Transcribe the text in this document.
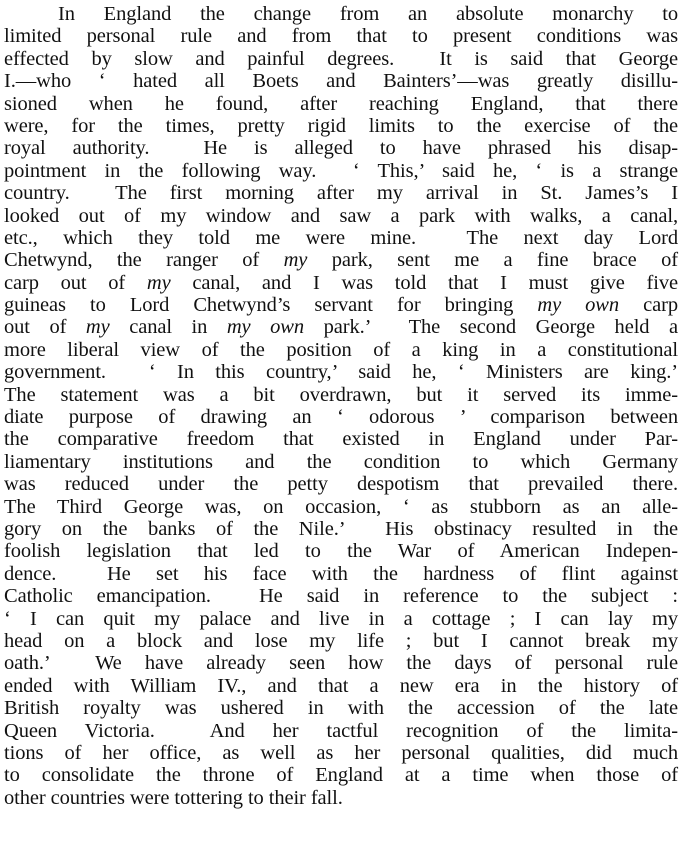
In England the change from an absolute monarchy to
limited personal rule and from that to present conditions was
effected by slow and painful degrees.  It is said that George
I.—who ‘ hated all Boets and Bainters’—was greatly disillu-
sioned when he found, after reaching England, that there
were, for the times, pretty rigid limits to the exercise of the
royal authority.  He is alleged to have phrased his disap-
pointment in the following way.  ‘ This,’ said he, ‘ is a strange
country.  The first morning after my arrival in St. James’s I
looked out of my window and saw a park with walks, a canal,
etc., which they told me were mine.  The next day Lord
Chetwynd, the ranger of my park, sent me a fine brace of
carp out of my canal, and I was told that I must give five
guineas to Lord Chetwynd’s servant for bringing my own carp
out of my canal in my own park.’  The second George held a
more liberal view of the position of a king in a constitutional
government.  ‘ In this country,’ said he, ‘ Ministers are king.’
The statement was a bit overdrawn, but it served its imme-
diate purpose of drawing an ‘ odorous ’ comparison between
the comparative freedom that existed in England under Par-
liamentary institutions and the condition to which Germany
was reduced under the petty despotism that prevailed there.
The Third George was, on occasion, ‘ as stubborn as an alle-
gory on the banks of the Nile.’  His obstinacy resulted in the
foolish legislation that led to the War of American Indepen-
dence.  He set his face with the hardness of flint against
Catholic emancipation.  He said in reference to the subject :
‘ I can quit my palace and live in a cottage ; I can lay my
head on a block and lose my life ; but I cannot break my
oath.’  We have already seen how the days of personal rule
ended with William IV., and that a new era in the history of
British royalty was ushered in with the accession of the late
Queen Victoria.  And her tactful recognition of the limita-
tions of her office, as well as her personal qualities, did much
to consolidate the throne of England at a time when those of
other countries were tottering to their fall.
